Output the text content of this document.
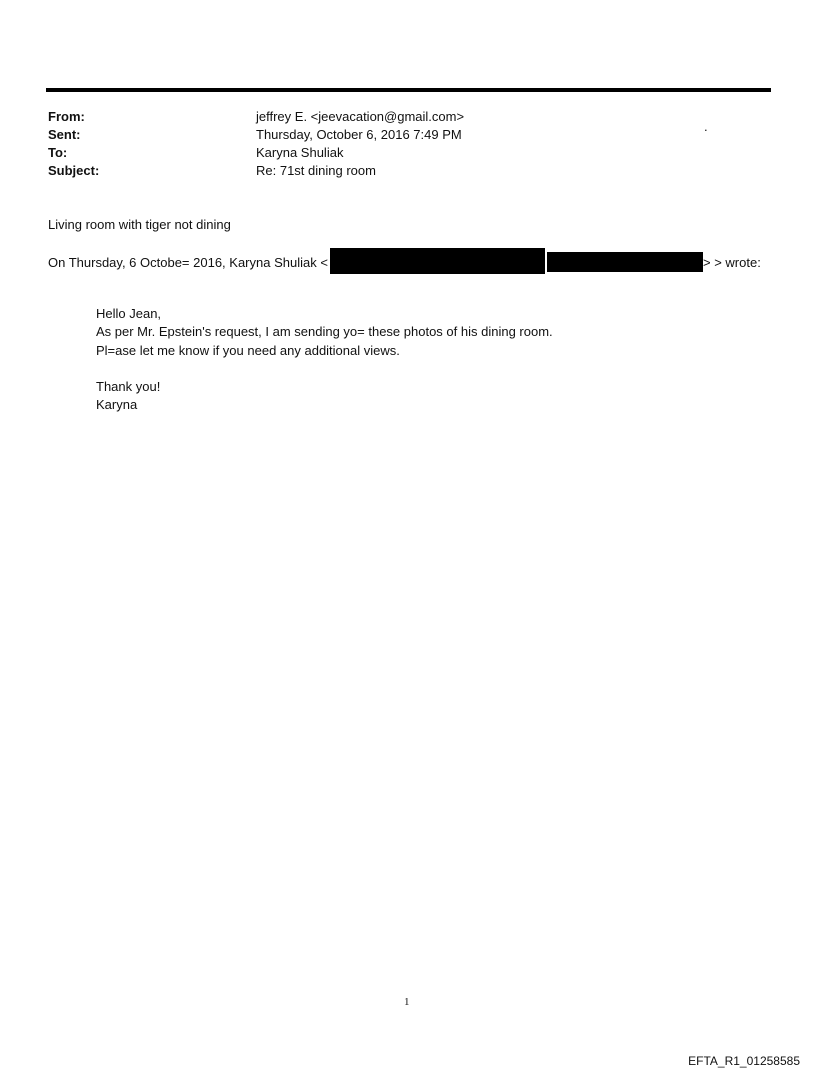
From:	jeffrey E. <jeevacation@gmail.com>
Sent:	Thursday, October 6, 2016 7:49 PM
To:	Karyna Shuliak
Subject:	Re: 71st dining room
.
Living room with tiger not dining
On Thursday, 6 Octobe= 2016, Karyna Shuliak <	> > wrote:
Hello Jean,
As per Mr. Epstein's request, I am sending yo= these photos of his dining room.
Pl=ase let me know if you need any additional views.
Thank you!
Karyna
1
EFTA_R1_01258585
